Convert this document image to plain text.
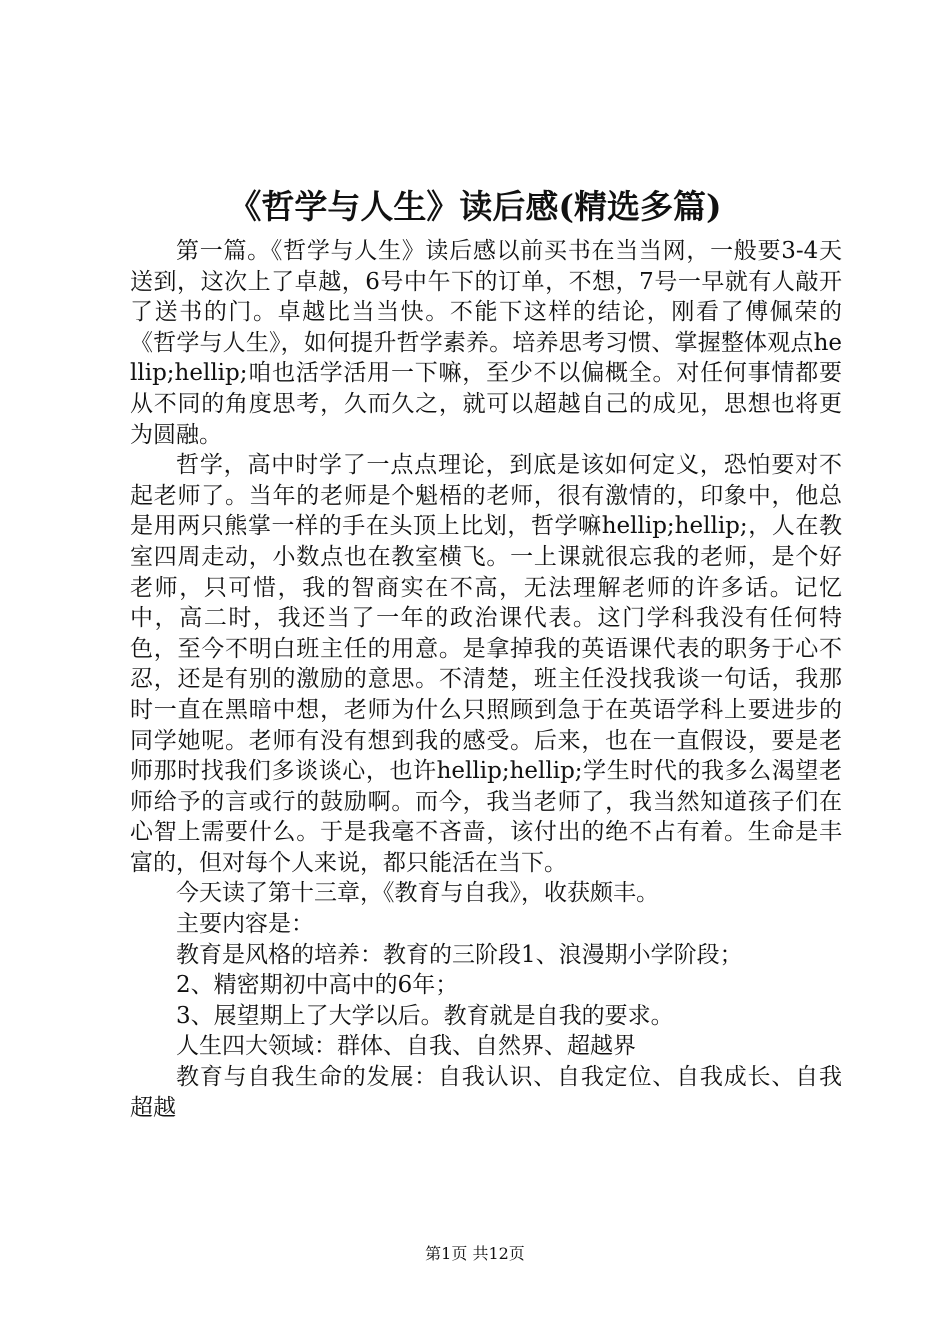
《哲学与人生》读后感(精选多篇)

第一篇。《哲学与人生》读后感以前买书在当当网，一般要3-4天送到，这次上了卓越，6号中午下的订单，不想，7号一早就有人敲开了送书的门。卓越比当当快。不能下这样的结论，刚看了傅佩荣的《哲学与人生》，如何提升哲学素养。培养思考习惯、掌握整体观点hellip;hellip;咱也活学活用一下嘛，至少不以偏概全。对任何事情都要从不同的角度思考，久而久之，就可以超越自己的成见，思想也将更为圆融。

哲学，高中时学了一点点理论，到底是该如何定义，恐怕要对不起老师了。当年的老师是个魁梧的老师，很有激情的，印象中，他总是用两只熊掌一样的手在头顶上比划，哲学嘛hellip;hellip;，人在教室四周走动，小数点也在教室横飞。一上课就很忘我的老师，是个好老师，只可惜，我的智商实在不高，无法理解老师的许多话。记忆中，高二时，我还当了一年的政治课代表。这门学科我没有任何特色，至今不明白班主任的用意。是拿掉我的英语课代表的职务于心不忍，还是有别的激励的意思。不清楚，班主任没找我谈一句话，我那时一直在黑暗中想，老师为什么只照顾到急于在英语学科上要进步的同学她呢。老师有没有想到我的感受。后来，也在一直假设，要是老师那时找我们多谈谈心，也许hellip;hellip;学生时代的我多么渴望老师给予的言或行的鼓励啊。而今，我当老师了，我当然知道孩子们在心智上需要什么。于是我毫不吝啬，该付出的绝不占有着。生命是丰富的，但对每个人来说，都只能活在当下。

今天读了第十三章，《教育与自我》，收获颇丰。

主要内容是：

教育是风格的培养：教育的三阶段1、浪漫期小学阶段；

2、精密期初中高中的6年；

3、展望期上了大学以后。教育就是自我的要求。

人生四大领域：群体、自我、自然界、超越界

教育与自我生命的发展：自我认识、自我定位、自我成长、自我超越

第1页 共12页
